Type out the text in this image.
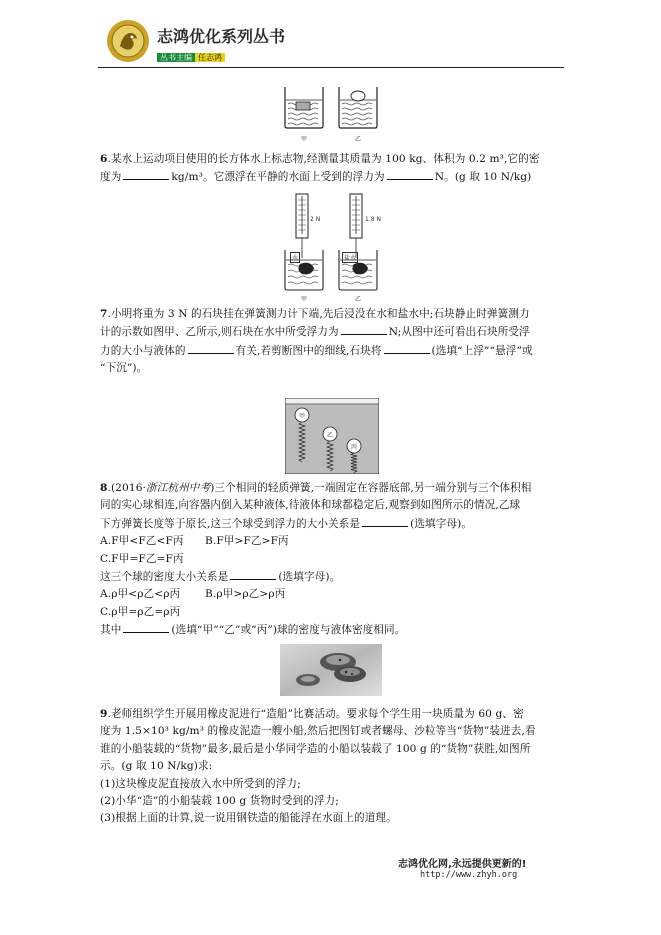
志鸿优化系列丛书
丛书主编 任志鸿
甲	乙

6.某水上运动项目使用的长方体水上标志物,经测量其质量为 100 kg、体积为 0.2 m³,它的密

度为	kg/m³。它漂浮在平静的水面上受到的浮力为	N。(g 取 10 N/kg)

2 N
水
1.8 N
盐水
甲	乙

7.小明将重为 3 N 的石块挂在弹簧测力计下端,先后浸没在水和盐水中;石块静止时弹簧测力

计的示数如图甲、乙所示,则石块在水中所受浮力为	N;从图中还可看出石块所受浮

力的大小与液体的	有关,若剪断图中的细线,石块将	(选填“上浮”“悬浮”或

“下沉”)。

甲
乙
丙

8.(2016·浙江杭州中考)三个相同的轻质弹簧,一端固定在容器底部,另一端分别与三个体积相

同的实心球相连,向容器内倒入某种液体,待液体和球都稳定后,观察到如图所示的情况,乙球

下方弹簧长度等于原长,这三个球受到浮力的大小关系是	(选填字母)。

A.F甲<F乙<F丙 B.F甲>F乙>F丙

C.F甲=F乙=F丙

这三个球的密度大小关系是	(选填字母)。

A.ρ甲<ρ乙<ρ丙 B.ρ甲>ρ乙>ρ丙

C.ρ甲=ρ乙=ρ丙

其中	(选填“甲”“乙”或“丙”)球的密度与液体密度相同。

9.老师组织学生开展用橡皮泥进行“造船”比赛活动。要求每个学生用一块质量为 60 g、密

度为 1.5×10³ kg/m³ 的橡皮泥造一艘小船,然后把图钉或者螺母、沙粒等当“货物”装进去,看

谁的小船装载的“货物”最多,最后是小华同学造的小船以装载了 100 g 的“货物”获胜,如图所

示。(g 取 10 N/kg)求:

(1)这块橡皮泥直接放入水中所受到的浮力;

(2)小华“造”的小船装载 100 g 货物时受到的浮力;

(3)根据上面的计算,说一说用钢铁造的船能浮在水面上的道理。

志鸿优化网,永远提供更新的!
http://www.zhyh.org
